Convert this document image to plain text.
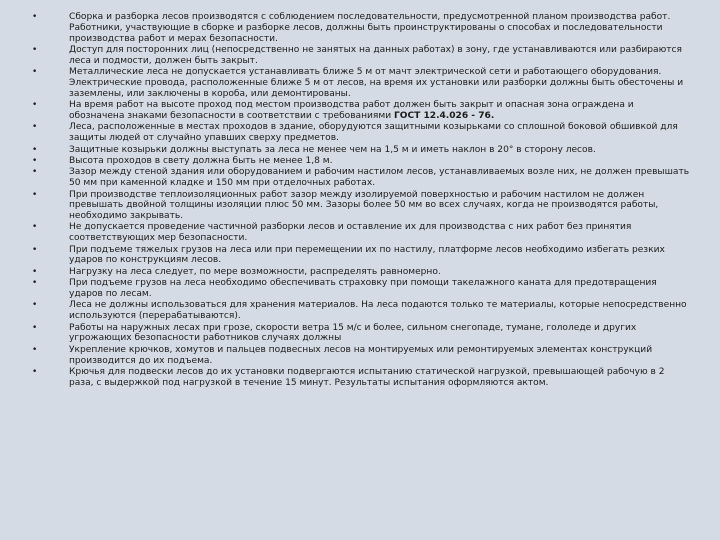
•	Сборка и разборка лесов производятся с соблюдением последовательности, предусмотренной планом производства работ. Работники, участвующие в сборке и разборке лесов, должны быть проинструктированы о способах и последовательности производства работ и мерах безопасности.
•	Доступ для посторонних лиц (непосредственно не занятых на данных работах) в зону, где устанавливаются или разбираются леса и подмости, должен быть закрыт.
•	Металлические леса не допускается устанавливать ближе 5 м от мачт электрической сети и работающего оборудования. Электрические провода, расположенные ближе 5 м от лесов, на время их установки или разборки должны быть обесточены и заземлены, или заключены в короба, или демонтированы.
•	На время работ на высоте проход под местом производства работ должен быть закрыт и опасная зона ограждена и обозначена знаками безопасности в соответствии с требованиями ГОСТ 12.4.026 - 76.
•	Леса, расположенные в местах проходов в здание, оборудуются защитными козырьками со сплошной боковой обшивкой для защиты людей от случайно упавших сверху предметов.
•	Защитные козырьки должны выступать за леса не менее чем на 1,5 м и иметь наклон в 20° в сторону лесов.
•	Высота проходов в свету должна быть не менее 1,8 м.
•	Зазор между стеной здания или оборудованием и рабочим настилом лесов, устанавливаемых возле них, не должен превышать 50 мм при каменной кладке и 150 мм при отделочных работах.
•	При производстве теплоизоляционных работ зазор между изолируемой поверхностью и рабочим настилом не должен превышать двойной толщины изоляции плюс 50 мм. Зазоры более 50 мм во всех случаях, когда не производятся работы, необходимо закрывать.
•	Не допускается проведение частичной разборки лесов и оставление их для производства с них работ без принятия соответствующих мер безопасности.
•	При подъеме тяжелых грузов на леса или при перемещении их по настилу, платформе лесов необходимо избегать резких ударов по конструкциям лесов.
•	Нагрузку на леса следует, по мере возможности, распределять равномерно.
•	При подъеме грузов на леса необходимо обеспечивать страховку при помощи такелажного каната для предотвращения ударов по лесам.
•	Леса не должны использоваться для хранения материалов. На леса подаются только те материалы, которые непосредственно используются (перерабатываются).
•	Работы на наружных лесах при грозе, скорости ветра 15 м/с и более, сильном снегопаде, тумане, гололеде и других угрожающих безопасности работников случаях должны
•	Укрепление крючков, хомутов и пальцев подвесных лесов на монтируемых или ремонтируемых элементах конструкций производится до их подъема.
•	Крючья для подвески лесов до их установки подвергаются испытанию статической нагрузкой, превышающей рабочую в 2 раза, с выдержкой под нагрузкой в течение 15 минут. Результаты испытания оформляются актом.
